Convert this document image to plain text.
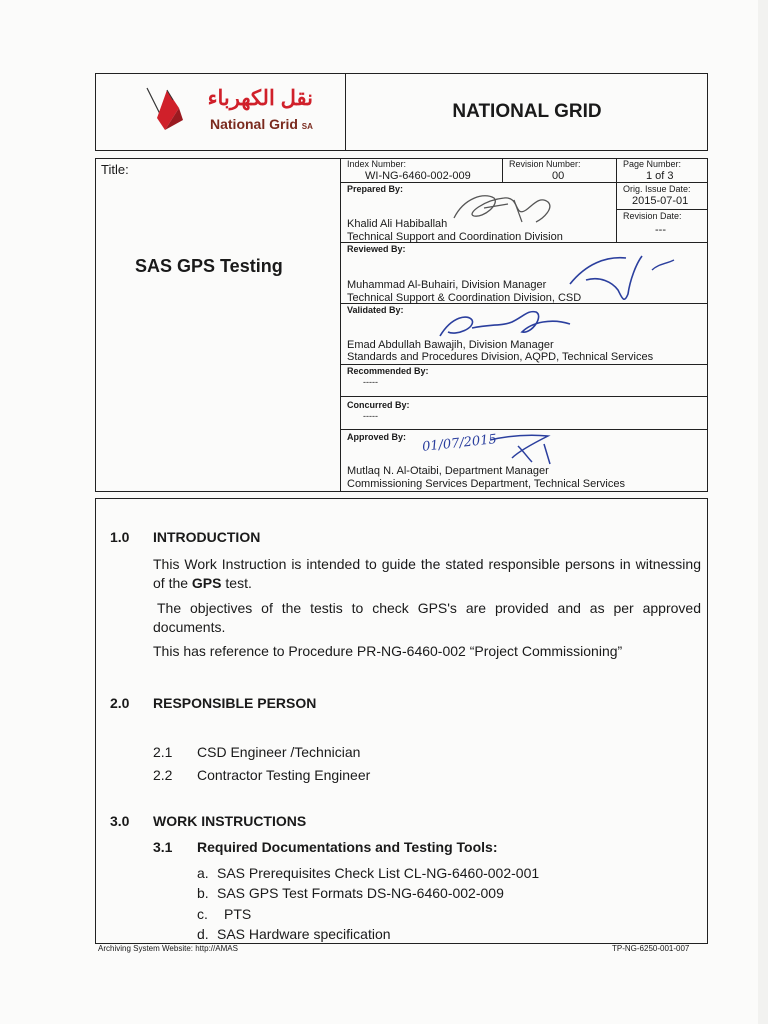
نقل الكهرباء
National Grid SA
NATIONAL GRID
Title:
SAS GPS Testing
Index Number:
WI-NG-6460-002-009
Revision Number:
00
Page Number:
1 of 3
Orig. Issue Date:
2015-07-01
Revision Date:
---
Prepared By:
Khalid Ali Habiballah
Technical Support and Coordination Division
Reviewed By:
Muhammad Al-Buhairi, Division Manager
Technical Support & Coordination Division, CSD
Validated By:
Emad Abdullah Bawajih, Division Manager
Standards and Procedures Division, AQPD, Technical Services
Recommended By:
-----
Concurred By:
-----
Approved By:
Mutlaq N. Al-Otaibi, Department Manager
Commissioning Services Department, Technical Services
01/07/2015
1.0 INTRODUCTION
This Work Instruction is intended to guide the stated responsible persons in witnessing of the GPS test.
The objectives of the testis to check GPS's are provided and as per approved documents.
This has reference to Procedure PR-NG-6460-002 “Project Commissioning”
2.0 RESPONSIBLE PERSON
2.1 CSD Engineer /Technician
2.2 Contractor Testing Engineer
3.0 WORK INSTRUCTIONS
3.1 Required Documentations and Testing Tools:
a. SAS Prerequisites Check List CL-NG-6460-002-001
b. SAS GPS Test Formats DS-NG-6460-002-009
c. PTS
d. SAS Hardware specification
Archiving System Website: http://AMAS	TP-NG-6250-001-007
